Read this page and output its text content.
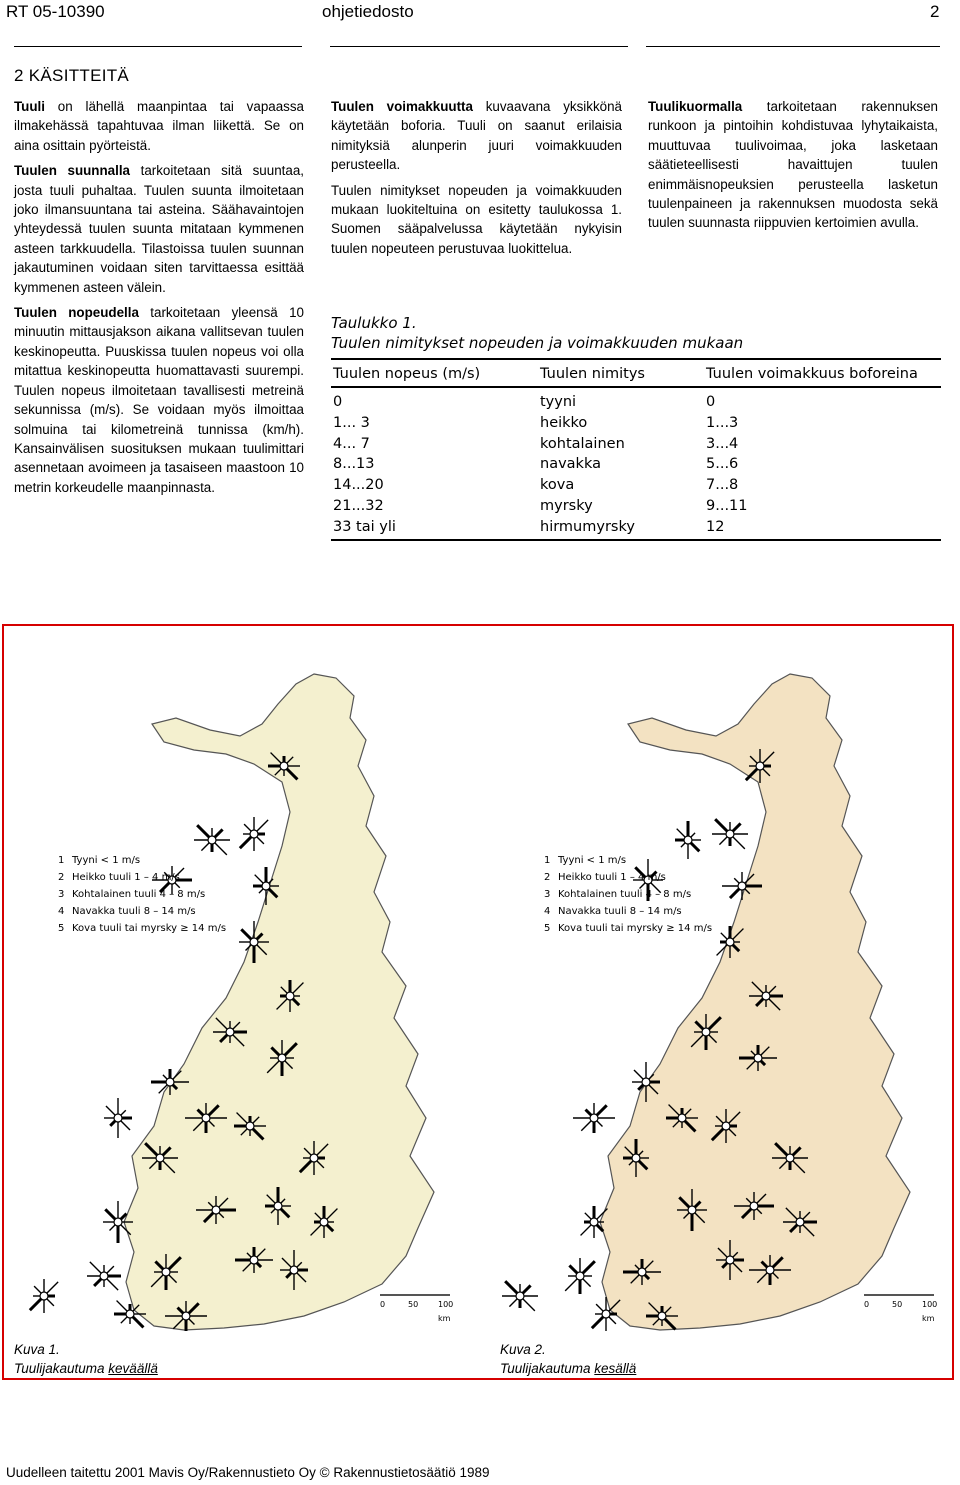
RT 05-10390	ohjetiedosto	2
2 KÄSITTEITÄ

Tuuli on lähellä maanpintaa tai vapaassa ilmakehässä tapahtuvaa ilman liikettä. Se on aina osittain pyörteistä.

Tuulen suunnalla tarkoitetaan sitä suuntaa, josta tuuli puhaltaa. Tuulen suunta ilmoitetaan joko ilmansuuntana tai asteina. Säähavaintojen yhteydessä tuulen suunta mitataan kymmenen asteen tarkkuudella. Tilastoissa tuulen suunnan jakautuminen voidaan siten tarvittaessa esittää kymmenen asteen välein.

Tuulen nopeudella tarkoitetaan yleensä 10 minuutin mittausjakson aikana vallitsevan tuulen keskinopeutta. Puuskissa tuulen nopeus voi olla mitattua keskinopeutta huomattavasti suurempi. Tuulen nopeus ilmoitetaan tavallisesti metreinä sekunnissa (m/s). Se voidaan myös ilmoittaa solmuina tai kilometreinä tunnissa (km/h). Kansainvälisen suosituksen mukaan tuulimittari asennetaan avoimeen ja tasaiseen maastoon 10 metrin korkeudelle maanpinnasta.

Tuulen voimakkuutta kuvaavana yksikkönä käytetään boforia. Tuuli on saanut erilaisia nimityksiä alunperin juuri voimakkuuden perusteella.

Tuulen nimitykset nopeuden ja voimakkuuden mukaan luokiteltuina on esitetty taulukossa 1. Suomen sääpalvelussa käytetään nykyisin tuulen nopeuteen perustuvaa luokittelua.

Tuulikuormalla tarkoitetaan rakennuksen runkoon ja pintoihin kohdistuvaa lyhytaikaista, muuttuvaa tuulivoimaa, joka lasketaan säätieteellisesti havaittujen tuulen enimmäisnopeuksien perusteella lasketun tuulenpaineen ja rakennuksen muodosta sekä tuulen suunnasta riippuvien kertoimien avulla.

Taulukko 1.
Tuulen nimitykset nopeuden ja voimakkuuden mukaan
Tuulen nopeus (m/s)	Tuulen nimitys	Tuulen voimakkuus boforeina
0	tyyni	0
1... 3	heikko	1...3
4... 7	kohtalainen	3...4
8...13	navakka	5...6
14...20	kova	7...8
21...32	myrsky	9...11
33 tai yli	hirmumyrsky	12
1 Tyyni < 1 m/s
2 Heikko tuuli 1 – 4 m/s
3 Kohtalainen tuuli 4 – 8 m/s
4 Navakka tuuli 8 – 14 m/s
5 Kova tuuli tai myrsky ≥ 14 m/s
1 Tyyni < 1 m/s
2 Heikko tuuli 1 – 4 m/s
3 Kohtalainen tuuli 4 – 8 m/s
4 Navakka tuuli 8 – 14 m/s
5 Kova tuuli tai myrsky ≥ 14 m/s
0	50 100 km
0	50 100 km
Kuva 1.
Tuulijakautuma keväällä
Kuva 2.
Tuulijakautuma kesällä
Uudelleen taitettu 2001 Mavis Oy/Rakennustieto Oy © Rakennustietosäätiö 1989
